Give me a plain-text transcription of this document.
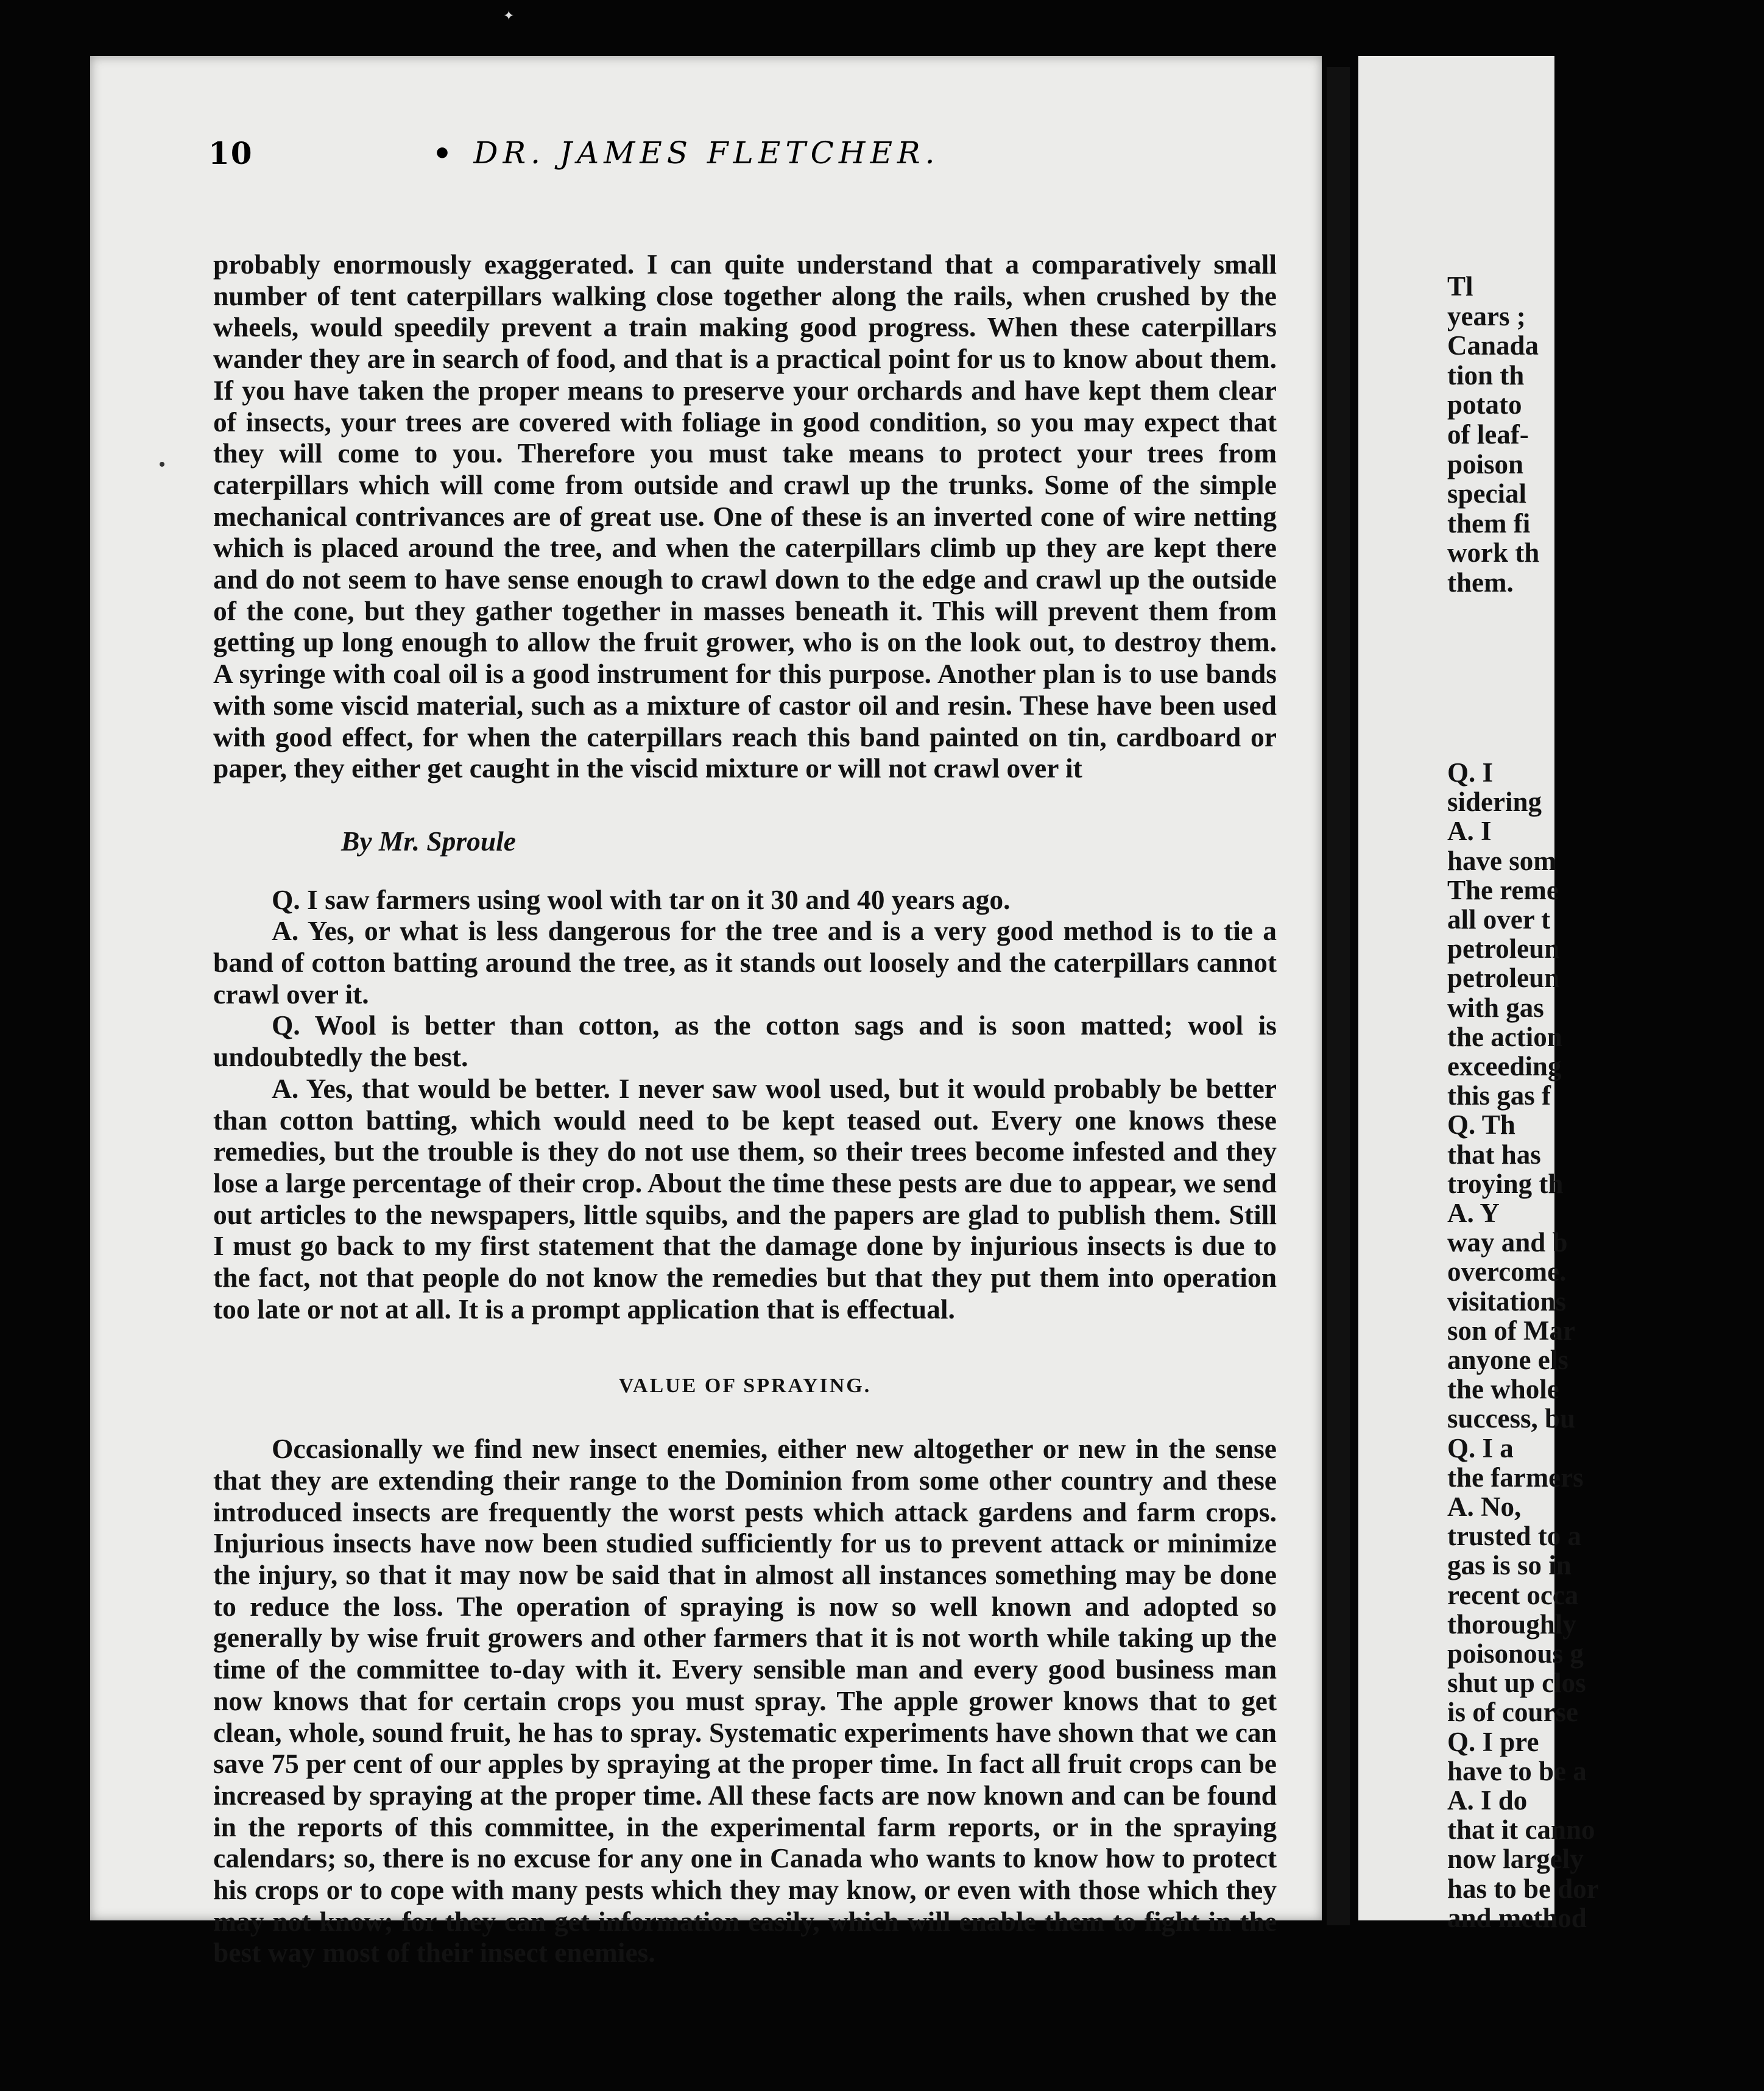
✦
10	• DR. JAMES FLETCHER.

probably enormously exaggerated. I can quite understand that a comparatively small number of tent caterpillars walking close together along the rails, when crushed by the wheels, would speedily prevent a train making good progress. When these caterpillars wander they are in search of food, and that is a practical point for us to know about them. If you have taken the proper means to preserve your orchards and have kept them clear of insects, your trees are covered with foliage in good condition, so you may expect that they will come to you. Therefore you must take means to protect your trees from caterpillars which will come from outside and crawl up the trunks. Some of the simple mechanical contrivances are of great use. One of these is an inverted cone of wire netting which is placed around the tree, and when the caterpillars climb up they are kept there and do not seem to have sense enough to crawl down to the edge and crawl up the outside of the cone, but they gather together in masses beneath it. This will prevent them from getting up long enough to allow the fruit grower, who is on the look out, to destroy them. A syringe with coal oil is a good instrument for this purpose. Another plan is to use bands with some viscid material, such as a mixture of castor oil and resin. These have been used with good effect, for when the caterpillars reach this band painted on tin, cardboard or paper, they either get caught in the viscid mixture or will not crawl over it

By Mr. Sproule

Q. I saw farmers using wool with tar on it 30 and 40 years ago.

A. Yes, or what is less dangerous for the tree and is a very good method is to tie a band of cotton batting around the tree, as it stands out loosely and the caterpillars cannot crawl over it.

Q. Wool is better than cotton, as the cotton sags and is soon matted; wool is undoubtedly the best.

A. Yes, that would be better. I never saw wool used, but it would probably be better than cotton batting, which would need to be kept teased out. Every one knows these remedies, but the trouble is they do not use them, so their trees become infested and they lose a large percentage of their crop. About the time these pests are due to appear, we send out articles to the newspapers, little squibs, and the papers are glad to publish them. Still I must go back to my first statement that the damage done by injurious insects is due to the fact, not that people do not know the remedies but that they put them into operation too late or not at all. It is a prompt application that is effectual.

VALUE OF SPRAYING.

Occasionally we find new insect enemies, either new altogether or new in the sense that they are extending their range to the Dominion from some other country and these introduced insects are frequently the worst pests which attack gardens and farm crops. Injurious insects have now been studied sufficiently for us to prevent attack or minimize the injury, so that it may now be said that in almost all instances something may be done to reduce the loss. The operation of spraying is now so well known and adopted so generally by wise fruit growers and other farmers that it is not worth while taking up the time of the committee to-day with it. Every sensible man and every good business man now knows that for certain crops you must spray. The apple grower knows that to get clean, whole, sound fruit, he has to spray. Systematic experiments have shown that we can save 75 per cent of our apples by spraying at the proper time. In fact all fruit crops can be increased by spraying at the proper time. All these facts are now known and can be found in the reports of this committee, in the experimental farm reports, or in the spraying calendars; so, there is no excuse for any one in Canada who wants to know how to protect his crops or to cope with many pests which they may know, or even with those which they may not know; for they can get information easily, which will enable them to fight in the best way most of their insect enemies.

Tl
years ;
Canada
tion th
potato
of leaf-
poison
special
them fi
work th
them.
Q. I
sidering
A. I
have som
The reme
all over t
petroleun
petroleun
with gas
the action
exceeding
this gas f
Q. Th
that has
troying th
A. Y
way and b
overcome.
visitations
son of Mar
anyone els
the whole
success, bu
Q. I a
the farmers
A. No,
trusted to a
gas is so in
recent occa
thoroughly
poisonous g
shut up clos
is of course
Q. I pre
have to be a
A. I do
that it canno
now largely
has to be dor
and method
